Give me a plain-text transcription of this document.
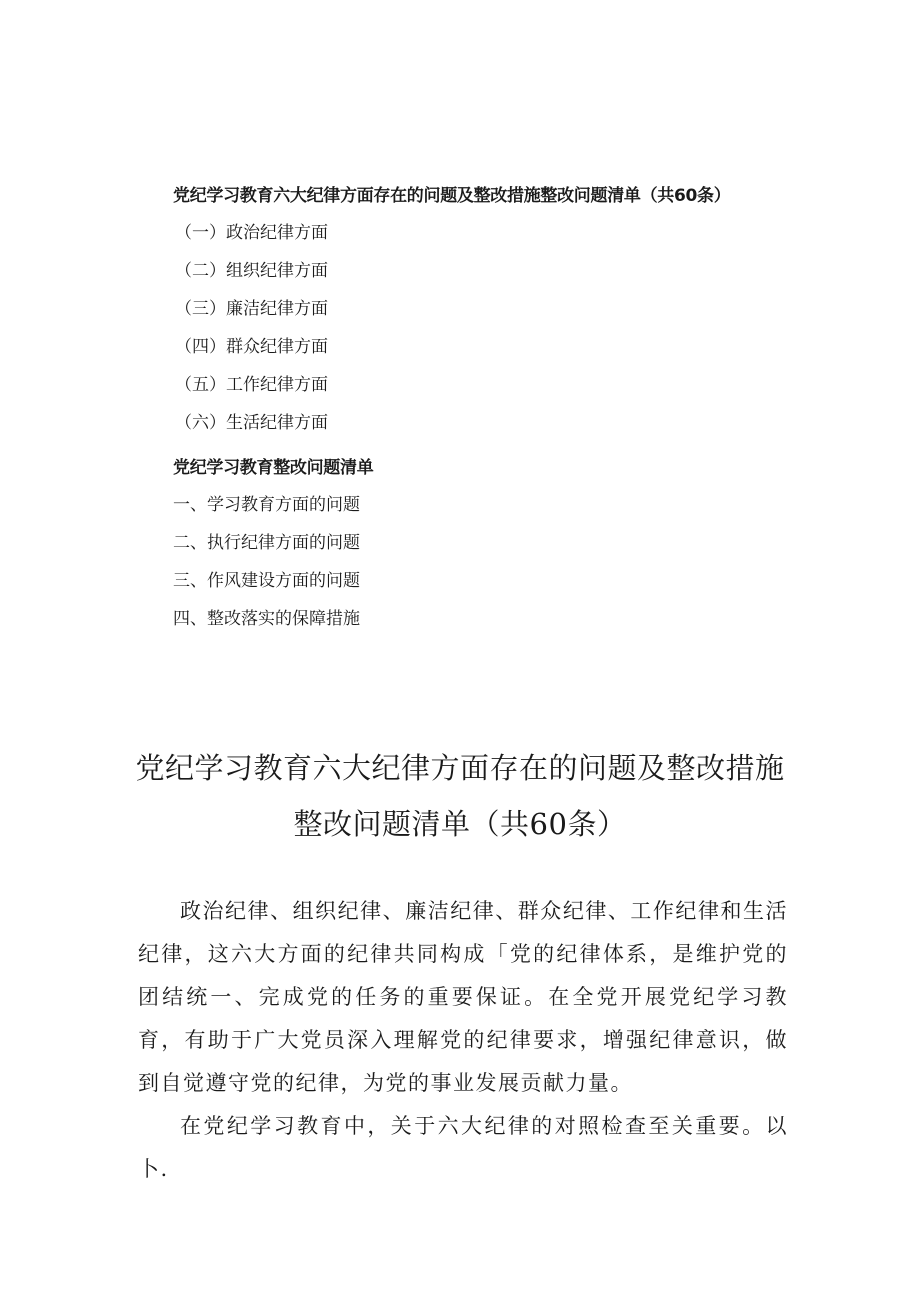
党纪学习教育六大纪律方面存在的问题及整改措施整改问题清单（共60条）
（一）政治纪律方面
（二）组织纪律方面
（三）廉洁纪律方面
（四）群众纪律方面
（五）工作纪律方面
（六）生活纪律方面
党纪学习教育整改问题清单
一、学习教育方面的问题
二、执行纪律方面的问题
三、作风建设方面的问题
四、整改落实的保障措施
党纪学习教育六大纪律方面存在的问题及整改措施
整改问题清单（共60条）

政治纪律、组织纪律、廉洁纪律、群众纪律、工作纪律和生活纪律，这六大方面的纪律共同构成「党的纪律体系，是维护党的团结统一、完成党的任务的重要保证。在全党开展党纪学习教育，有助于广大党员深入理解党的纪律要求，增强纪律意识，做到自觉遵守党的纪律，为党的事业发展贡献力量。

在党纪学习教育中，关于六大纪律的对照检查至关重要。以卜.
